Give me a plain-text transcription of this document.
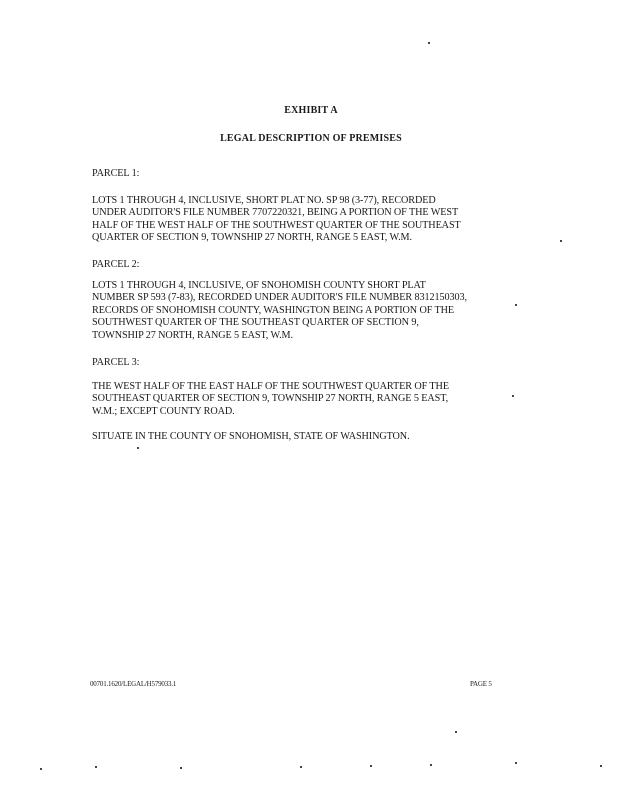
EXHIBIT A
LEGAL DESCRIPTION OF PREMISES
PARCEL 1:
LOTS 1 THROUGH 4, INCLUSIVE, SHORT PLAT NO. SP 98 (3-77), RECORDED
UNDER AUDITOR'S FILE NUMBER 7707220321, BEING A PORTION OF THE WEST
HALF OF THE WEST HALF OF THE SOUTHWEST QUARTER OF THE SOUTHEAST
QUARTER OF SECTION 9, TOWNSHIP 27 NORTH, RANGE 5 EAST, W.M.
PARCEL 2:
LOTS 1 THROUGH 4, INCLUSIVE, OF SNOHOMISH COUNTY SHORT PLAT
NUMBER SP 593 (7-83), RECORDED UNDER AUDITOR'S FILE NUMBER 8312150303,
RECORDS OF SNOHOMISH COUNTY, WASHINGTON BEING A PORTION OF THE
SOUTHWEST QUARTER OF THE SOUTHEAST QUARTER OF SECTION 9,
TOWNSHIP 27 NORTH, RANGE 5 EAST, W.M.
PARCEL 3:
THE WEST HALF OF THE EAST HALF OF THE SOUTHWEST QUARTER OF THE
SOUTHEAST QUARTER OF SECTION 9, TOWNSHIP 27 NORTH, RANGE 5 EAST,
W.M.; EXCEPT COUNTY ROAD.
SITUATE IN THE COUNTY OF SNOHOMISH, STATE OF WASHINGTON.
00701.1620/LEGAL/H579033.1	PAGE 5
